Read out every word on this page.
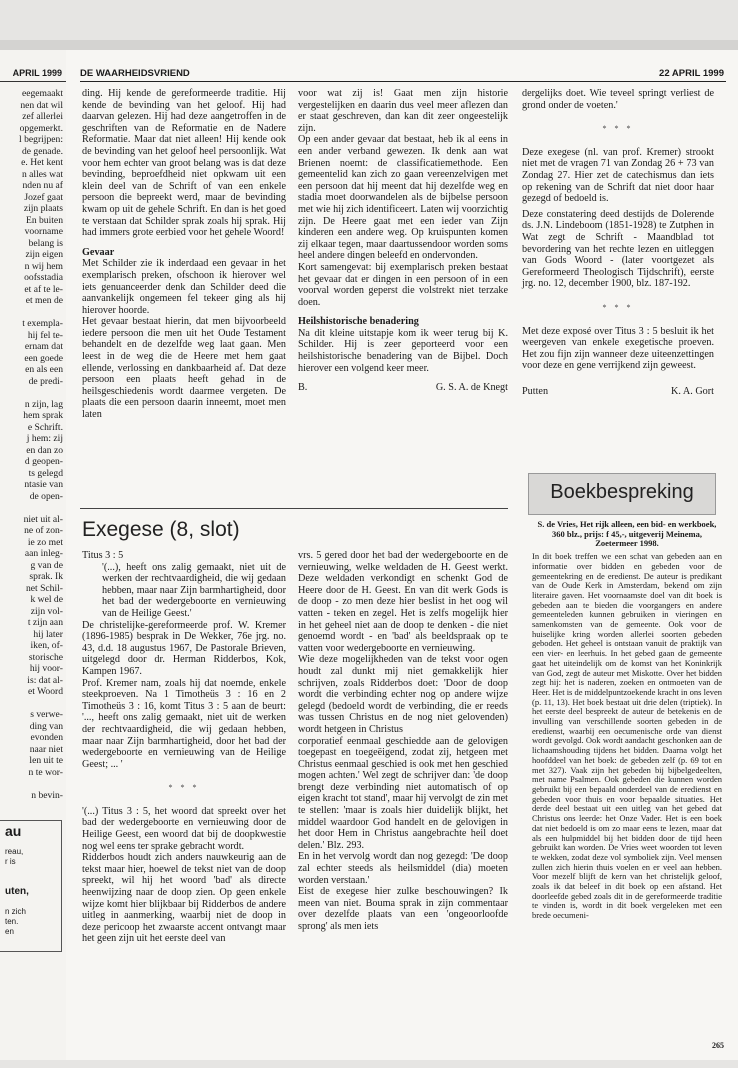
APRIL 1999
eegemaakt
nen dat wil
zef allerlei
opgemerkt.
l begrijpen:
de genade.
e. Het kent
n alles wat
nden nu af
Jozef gaat
zijn plaats
En buiten
voorname
belang is
zijn eigen
n wij hem
oofsstadia
et af te le-
et men de
t exempla-
hij fel te-
ernam dat
een goede
en als een
de predi-
n zijn, lag
hem sprak
e Schrift.
j hem: zij
en dan zo
d geopen-
ts gelegd
ntasie van
de open-
niet uit al-
ne of zon-
ie zo met
aan inleg-
g van de
sprak. Ik
net Schil-
k wel de
zijn vol-
t zijn aan
hij later
iken, of-
storische
hij voor-
is: dat al-
et Woord
s verwe-
ding van
evonden
naar niet
len uit te
n te wor-
n bevin-
au
reau,
r is
uten,
n zich
ten.
en
DE WAARHEIDSVRIEND	22 APRIL 1999

ding. Hij kende de gereformeerde traditie. Hij kende de bevinding van het geloof. Hij had daarvan gelezen. Hij had deze aangetroffen in de geschriften van de Reformatie en de Nadere Reformatie. Maar dat niet alleen! Hij kende ook de bevinding van het geloof heel persoonlijk. Wat voor hem echter van groot belang was is dat deze bevinding, beproefdheid niet opkwam uit een klein deel van de Schrift of van een enkele persoon die bepreekt werd, maar de bevinding kwam op uit de gehele Schrift. En dan is het goed te verstaan dat Schilder sprak zoals hij sprak. Hij had immers grote eerbied voor het gehele Woord!

Gevaar

Met Schilder zie ik inderdaad een gevaar in het exemplarisch preken, ofschoon ik hierover wel iets genuanceerder denk dan Schilder deed die aanvankelijk ongemeen fel tekeer ging als hij hierover hoorde.

Het gevaar bestaat hierin, dat men bijvoorbeeld iedere persoon die men uit het Oude Testament behandelt en de dezelfde weg laat gaan. Men leest in de weg die de Heere met hem gaat ellende, verlossing en dankbaarheid af. Dat deze persoon een plaats heeft gehad in de heilsgeschiedenis wordt daarmee vergeten. De plaats die een persoon daarin inneemt, moet men laten

voor wat zij is! Gaat men zijn historie vergestelijken en daarin dus veel meer aflezen dan er staat geschreven, dan kan dit zeer ongeestelijk zijn.

Op een ander gevaar dat bestaat, heb ik al eens in een ander verband gewezen. Ik denk aan wat Brienen noemt: de classificatiemethode. Een gemeentelid kan zich zo gaan vereenzelvigen met een persoon dat hij meent dat hij dezelfde weg en stadia moet doorwandelen als de bijbelse persoon met wie hij zich identificeert. Laten wij voorzichtig zijn. De Heere gaat met een ieder van Zijn kinderen een andere weg. Op kruispunten komen zij elkaar tegen, maar daartussendoor worden soms heel andere dingen beleefd en ondervonden.

Kort samengevat: bij exemplarisch preken bestaat het gevaar dat er dingen in een persoon of in een voorval worden geperst die volstrekt niet terzake doen.

Heilshistorische benadering

Na dit kleine uitstapje kom ik weer terug bij K. Schilder. Hij is zeer geporteerd voor een heilshistorische benadering van de Bijbel. Doch hierover een volgend keer meer.

B.	G. S. A. de Knegt

dergelijks doet. Wie teveel springt verliest de grond onder de voeten.'

* * *

Deze exegese (nl. van prof. Kremer) strookt niet met de vragen 71 van Zondag 26 + 73 van Zondag 27. Hier zet de catechismus dan iets op rekening van de Schrift dat niet door haar gezegd of bedoeld is.

Deze constatering deed destijds de Dolerende ds. J.N. Lindeboom (1851-1928) te Zutphen in Wat zegt de Schrift - Maandblad tot bevordering van het rechte lezen en uitleggen van Gods Woord - (later voortgezet als Gereformeerd Theologisch Tijdschrift), eerste jrg. no. 12, december 1900, blz. 187-192.

* * *

Met deze exposé over Titus 3 : 5 besluit ik het weergeven van enkele exegetische proeven. Het zou fijn zijn wanneer deze uiteenzettingen voor deze en gene verrijkend zijn geweest.

Putten	K. A. Gort
Boekbespreking
Exegese (8, slot)

Titus 3 : 5

'(...), heeft ons zalig gemaakt, niet uit de werken der rechtvaardigheid, die wij gedaan hebben, maar naar Zijn barmhartigheid, door het bad der wedergeboorte en vernieuwing van de Heilige Geest.'

De christelijke-gereformeerde prof. W. Kremer (1896-1985) besprak in De Wekker, 76e jrg. no. 43, d.d. 18 augustus 1967, De Pastorale Brieven, uitgelegd door dr. Herman Ridderbos, Kok, Kampen 1967.

Prof. Kremer nam, zoals hij dat noemde, enkele steekproeven. Na 1 Timotheüs 3 : 16 en 2 Timotheüs 3 : 16, komt Titus 3 : 5 aan de beurt: '..., heeft ons zalig gemaakt, niet uit de werken der rechtvaardigheid, die wij gedaan hebben, maar naar Zijn barmhartigheid, door het bad der wedergeboorte en vernieuwing van de Heilige Geest; ... '

* * *

'(...) Titus 3 : 5, het woord dat spreekt over het bad der wedergeboorte en vernieuwing door de Heilige Geest, een woord dat bij de doopkwestie nog wel eens ter sprake gebracht wordt.

Ridderbos houdt zich anders nauwkeurig aan de tekst maar hier, hoewel de tekst niet van de doop spreekt, wil hij het woord 'bad' als directe heenwijzing naar de doop zien. Op geen enkele wijze komt hier blijkbaar bij Ridderbos de andere uitleg in aanmerking, waarbij niet de doop in deze pericoop het zwaarste accent ontvangt maar het geen zijn uit het eerste deel van

vrs. 5 gered door het bad der wedergeboorte en de vernieuwing, welke weldaden de H. Geest werkt. Deze weldaden verkondigt en schenkt God de Heere door de H. Geest. En van dit werk Gods is de doop - zo men deze hier beslist in het oog wil vatten - teken en zegel. Het is zelfs mogelijk hier in het geheel niet aan de doop te denken - die niet genoemd wordt - en 'bad' als beeldspraak op te vatten voor wedergeboorte en vernieuwing.

Wie deze mogelijkheden van de tekst voor ogen houdt zal dunkt mij niet gemakkelijk hier schrijven, zoals Ridderbos doet: 'Door de doop wordt die verbinding echter nog op andere wijze gelegd (bedoeld wordt de verbinding, die er reeds was tussen Christus en de nog niet gelovenden) wordt hetgeen in Christus

corporatief eenmaal geschiedde aan de gelovigen toegepast en toegeëigend, zodat zij, hetgeen met Christus eenmaal geschied is ook met hen geschied mogen achten.' Wel zegt de schrijver dan: 'de doop brengt deze verbinding niet automatisch of op eigen kracht tot stand', maar hij vervolgt de zin met te stellen: 'maar is zoals hier duidelijk blijkt, het middel waardoor God handelt en de gelovigen in het door Hem in Christus aangebrachte heil doet delen.' Blz. 293.

En in het vervolg wordt dan nog gezegd: 'De doop zal echter steeds als heilsmiddel (dia) moeten worden verstaan.'

Eist de exegese hier zulke beschouwingen? Ik meen van niet. Bouma sprak in zijn commentaar over dezelfde plaats van een 'ongeoorloofde sprong' als men iets

S. de Vries, Het rijk alleen, een bid- en werkboek, 360 blz., prijs: f 45,-, uitgeverij Meinema, Zoetermeer 1998.
In dit boek treffen we een schat van gebeden aan en informatie over bidden en gebeden voor de gemeentekring en de eredienst. De auteur is predikant van de Oude Kerk in Amsterdam, bekend om zijn literaire gaven. Het voornaamste doel van dit boek is gebeden aan te bieden die voorgangers en andere gemeenteleden kunnen gebruiken in vieringen en samenkomsten van de gemeente. Ook voor de huiselijke kring worden allerlei soorten gebeden geboden. Het geheel is ontstaan vanuit de praktijk van een vier- en leerhuis. In het gebed gaan de gemeente gaat het uiteindelijk om de komst van het Koninkrijk van God, zegt de auteur met Miskotte. Over het bidden zegt hij: het is naderen, zoeken en ontmoeten van de Heer. Het is de middelpuntzoekende kracht in ons leven (p. 11, 13). Het boek bestaat uit drie delen (triptiek). In het eerste deel bespreekt de auteur de betekenis en de invulling van verschillende soorten gebeden in de eredienst, waarbij een oecumenische orde van dienst wordt gevolgd. Ook wordt aandacht geschonken aan de lichaamshouding tijdens het bidden. Daarna volgt het hoofddeel van het boek: de gebeden zelf (p. 69 tot en met 327). Vaak zijn het gebeden bij bijbelgedeelten, met name Psalmen. Ook gebeden die kunnen worden gebruikt bij een bepaald onderdeel van de eredienst en gebeden voor thuis en voor bepaalde situaties. Het derde deel bestaat uit een uitleg van het gebed dat Christus ons leerde: het Onze Vader. Het is een boek dat niet bedoeld is om zo maar eens te lezen, maar dat als een hulpmiddel bij het bidden door de tijd heen gebruikt kan worden. De Vries weet woorden tot leven te wekken, zodat deze vol symboliek zijn. Veel mensen zullen zich hierin thuis voelen en er veel aan hebben. Voor mezelf blijft de kern van het christelijk geloof, zoals ik dat beleef in dit boek op een afstand. Het doorleefde gebed zoals dit in de gereformeerde traditie te vinden is, wordt in dit boek vergeleken met een brede oecumeni-
265
